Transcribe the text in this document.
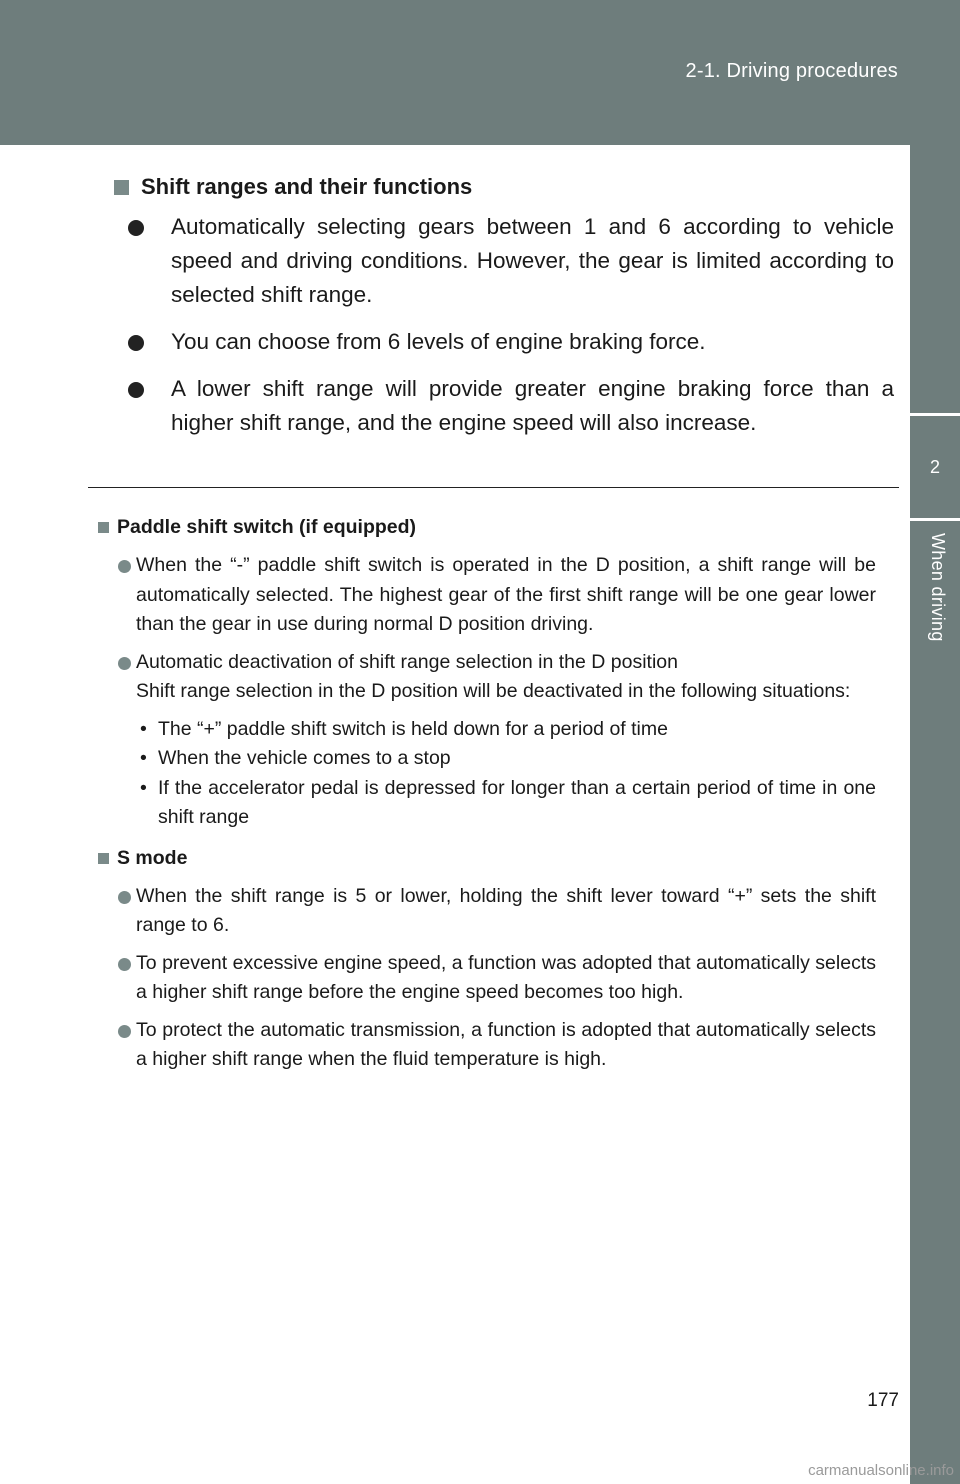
2-1. Driving procedures
2
When driving
Shift ranges and their functions
Automatically selecting gears between 1 and 6 according to vehicle speed and driving conditions. However, the gear is limited according to selected shift range.
You can choose from 6 levels of engine braking force.
A lower shift range will provide greater engine braking force than a higher shift range, and the engine speed will also increase.
Paddle shift switch (if equipped)
When the “-” paddle shift switch is operated in the D position, a shift range will be automatically selected. The highest gear of the first shift range will be one gear lower than the gear in use during normal D position driving.
Automatic deactivation of shift range selection in the D position
Shift range selection in the D position will be deactivated in the following situations:
• The “+” paddle shift switch is held down for a period of time
• When the vehicle comes to a stop
• If the accelerator pedal is depressed for longer than a certain period of time in one shift range
S mode
When the shift range is 5 or lower, holding the shift lever toward “+” sets the shift range to 6.
To prevent excessive engine speed, a function was adopted that automatically selects a higher shift range before the engine speed becomes too high.
To protect the automatic transmission, a function is adopted that automatically selects a higher shift range when the fluid temperature is high.
177
carmanualsonline.info
